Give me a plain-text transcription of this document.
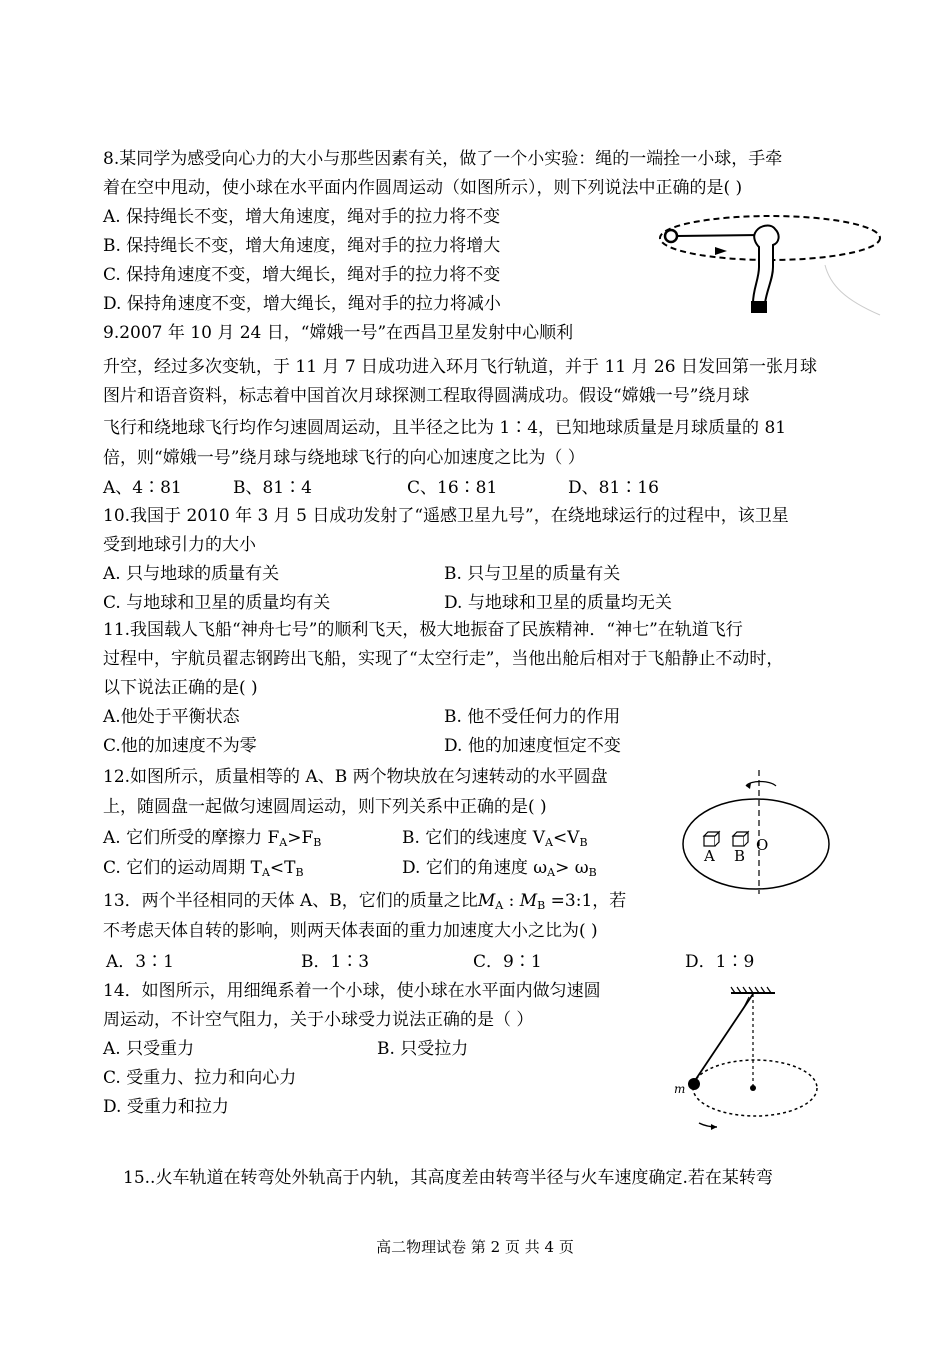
8.某同学为感受向心力的大小与那些因素有关，做了一个小实验：绳的一端拴一小球，手牵
着在空中甩动，使小球在水平面内作圆周运动（如图所示），则下列说法中正确的是( )
A. 保持绳长不变，增大角速度，绳对手的拉力将不变
B. 保持绳长不变，增大角速度，绳对手的拉力将增大
C. 保持角速度不变，增大绳长，绳对手的拉力将不变
D. 保持角速度不变，增大绳长，绳对手的拉力将减小
9.2007 年 10 月 24 日，“嫦娥一号”在西昌卫星发射中心顺利
升空，经过多次变轨，于 11 月 7 日成功进入环月飞行轨道，并于 11 月 26 日发回第一张月球
图片和语音资料，标志着中国首次月球探测工程取得圆满成功。假设“嫦娥一号”绕月球
飞行和绕地球飞行均作匀速圆周运动，且半径之比为 1∶4，已知地球质量是月球质量的 81
倍，则“嫦娥一号”绕月球与绕地球飞行的向心加速度之比为（ ）
A、4∶81	B、81∶4	C、16∶81	D、81∶16
10.我国于 2010 年 3 月 5 日成功发射了“遥感卫星九号”，在绕地球运行的过程中，该卫星
受到地球引力的大小
A. 只与地球的质量有关	B. 只与卫星的质量有关
C. 与地球和卫星的质量均有关	D. 与地球和卫星的质量均无关
11.我国载人飞船“神舟七号”的顺利飞天，极大地振奋了民族精神．“神七”在轨道飞行
过程中，宇航员翟志钢跨出飞船，实现了“太空行走”，当他出舱后相对于飞船静止不动时，
以下说法正确的是( )
A.他处于平衡状态	B. 他不受任何力的作用
C.他的加速度不为零	D. 他的加速度恒定不变
12.如图所示，质量相等的 A、B 两个物块放在匀速转动的水平圆盘
上，随圆盘一起做匀速圆周运动，则下列关系中正确的是( )
A. 它们所受的摩擦力 $F_A>F_B$	B. 它们的线速度 $V_A<V_B$
C. 它们的运动周期 $T_A<T_B$	D. 它们的角速度 $\omega_A> \omega_B$
A B
O
13．两个半径相同的天体 A、B，它们的质量之比$M_A$ : $M_B$ =3:1，若
不考虑天体自转的影响，则两天体表面的重力加速度大小之比为( )
A．3∶1	B．1∶3	C．9∶1	D．1∶9
14．如图所示，用细绳系着一个小球，使小球在水平面内做匀速圆
周运动，不计空气阻力，关于小球受力说法正确的是（ ）
A. 只受重力	B. 只受拉力
C. 受重力、拉力和向心力
D. 受重力和拉力
m
15..火车轨道在转弯处外轨高于内轨，其高度差由转弯半径与火车速度确定.若在某转弯
高二物理试卷 第 2 页 共 4 页
